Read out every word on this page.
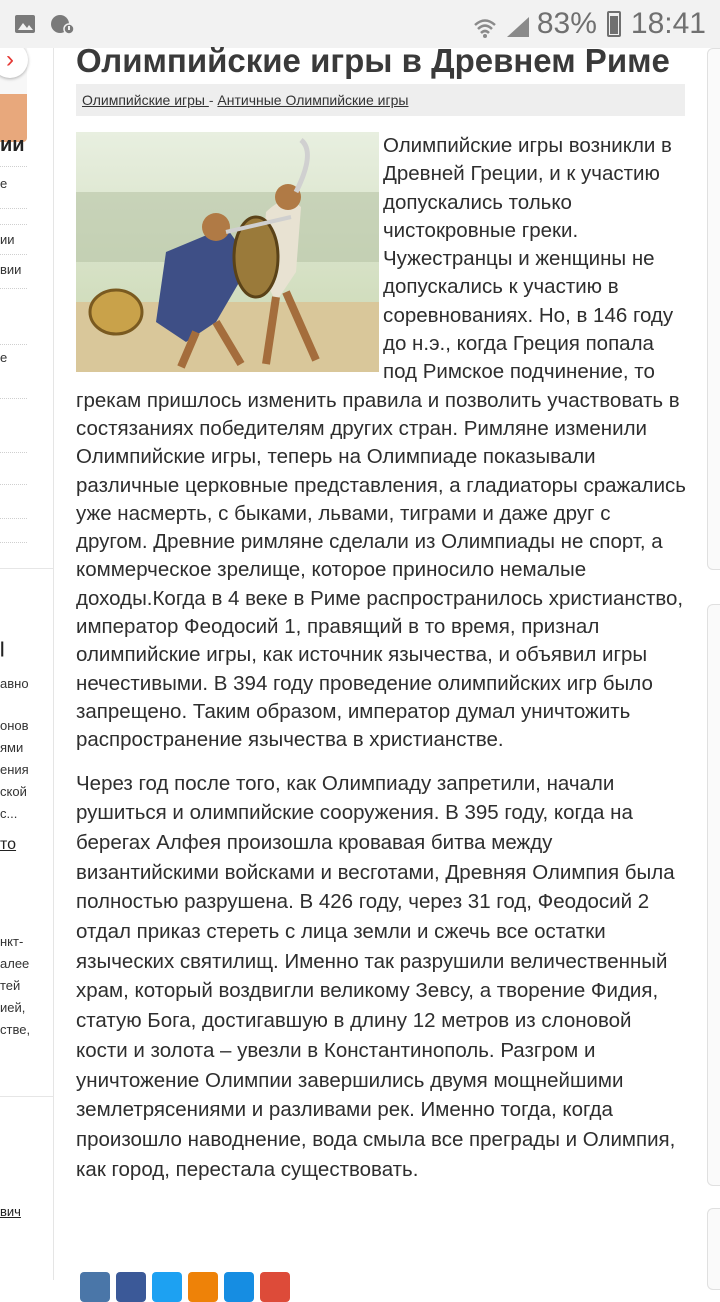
83% 18:41
›
ии
е
ии
вии
е
|
авно
онов
ями
ения
ской
с...
то
нкт-
алее
тей
ией,
стве,
вич
Олимпийские игры в Древнем Риме
Олимпийские игры - Античные Олимпийские игры

Олимпийские игры возникли в Древней Греции, и к участию допускались только чистокровные греки. Чужестранцы и женщины не допускались к участию в соревнованиях. Но, в 146 году до н.э., когда Греция попала под Римское подчинение, то грекам пришлось изменить правила и позволить участвовать в состязаниях победителям других стран. Римляне изменили Олимпийские игры, теперь на Олимпиаде показывали различные церковные представления, а гладиаторы сражались уже насмерть, с быками, львами, тиграми и даже друг с другом. Древние римляне сделали из Олимпиады не спорт, а коммерческое зрелище, которое приносило немалые доходы.Когда в 4 веке в Риме распространилось христианство, император Феодосий 1, правящий в то время, признал олимпийские игры, как источник язычества, и объявил игры нечестивыми. В 394 году проведение олимпийских игр было запрещено. Таким образом, император думал уничтожить распространение язычества в христианстве.

Через год после того, как Олимпиаду запретили, начали рушиться и олимпийские сооружения. В 395 году, когда на берегах Алфея произошла кровавая битва между византийскими войсками и весготами, Древняя Олимпия была полностью разрушена. В 426 году, через 31 год, Феодосий 2 отдал приказ стереть с лица земли и сжечь все остатки языческих святилищ. Именно так разрушили величественный храм, который воздвигли великому Зевсу, а творение Фидия, статую Бога, достигавшую в длину 12 метров из слоновой кости и золота – увезли в Константинополь. Разгром и уничтожение Олимпии завершились двумя мощнейшими землетрясениями и разливами рек. Именно тогда, когда произошло наводнение, вода смыла все преграды и Олимпия, как город, перестала существовать.
